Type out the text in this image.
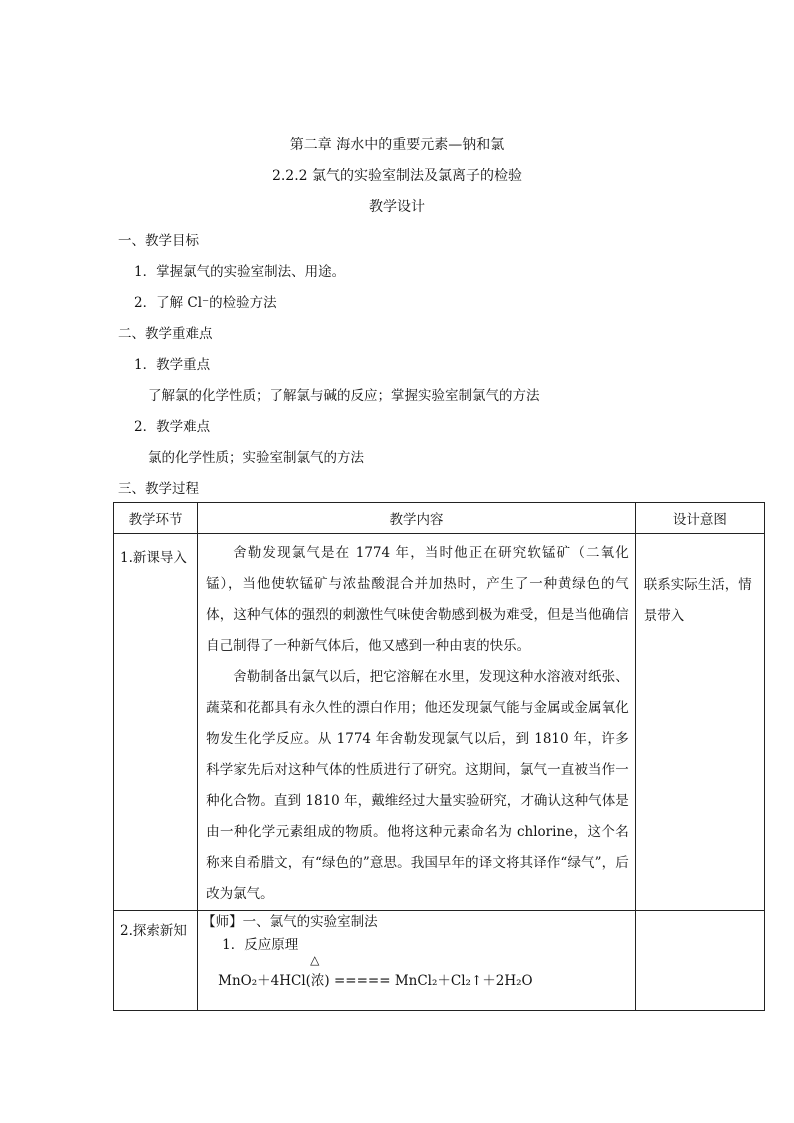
第二章 海水中的重要元素—钠和氯
2.2.2 氯气的实验室制法及氯离子的检验
教学设计
一、教学目标
1．掌握氯气的实验室制法、用途。
2．了解 Cl⁻的检验方法
二、教学重难点
1．教学重点
了解氯的化学性质；了解氯与碱的反应；掌握实验室制氯气的方法
2．教学难点
氯的化学性质；实验室制氯气的方法
三、教学过程
教学环节	教学内容	设计意图

1.新课导入	舍勒发现氯气是在 1774 年，当时他正在研究软锰矿（二氧化锰），当他使软锰矿与浓盐酸混合并加热时，产生了一种黄绿色的气体，这种气体的强烈的刺激性气味使舍勒感到极为难受，但是当他确信自己制得了一种新气体后，他又感到一种由衷的快乐。
舍勒制备出氯气以后，把它溶解在水里，发现这种水溶液对纸张、蔬菜和花都具有永久性的漂白作用；他还发现氯气能与金属或金属氧化物发生化学反应。从 1774 年舍勒发现氯气以后，到 1810 年，许多科学家先后对这种气体的性质进行了研究。这期间，氯气一直被当作一种化合物。直到 1810 年，戴维经过大量实验研究，才确认这种气体是由一种化学元素组成的物质。他将这种元素命名为 chlorine，这个名称来自希腊文，有“绿色的”意思。我国早年的译文将其译作“绿气”，后改为氯气。	联系实际生活，情景带入

2.探索新知	【师】一、氯气的实验室制法
1．反应原理
△
MnO₂＋4HCl(浓) ===== MnCl₂＋Cl₂↑＋2H₂O	
